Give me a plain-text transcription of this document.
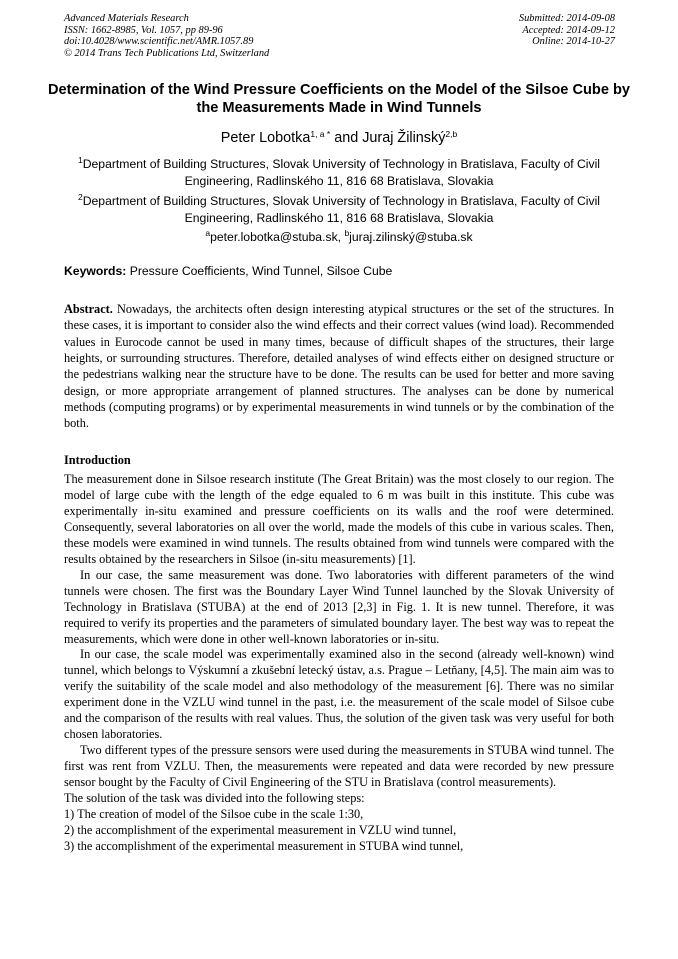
Advanced Materials Research
ISSN: 1662-8985, Vol. 1057, pp 89-96
doi:10.4028/www.scientific.net/AMR.1057.89
© 2014 Trans Tech Publications Ltd, Switzerland
Submitted: 2014-09-08
Accepted: 2014-09-12
Online: 2014-10-27
Determination of the Wind Pressure Coefficients on the Model of the Silsoe Cube by the Measurements Made in Wind Tunnels
Peter Lobotka$^{1, a *}$ and Juraj Žilinský$^{2,b}$
$^1$Department of Building Structures, Slovak University of Technology in Bratislava, Faculty of Civil Engineering, Radlinského 11, 816 68 Bratislava, Slovakia
$^2$Department of Building Structures, Slovak University of Technology in Bratislava, Faculty of Civil Engineering, Radlinského 11, 816 68 Bratislava, Slovakia
$^a$peter.lobotka@stuba.sk, $^b$juraj.zilinský@stuba.sk
Keywords: Pressure Coefficients, Wind Tunnel, Silsoe Cube
Abstract. Nowadays, the architects often design interesting atypical structures or the set of the structures. In these cases, it is important to consider also the wind effects and their correct values (wind load). Recommended values in Eurocode cannot be used in many times, because of difficult shapes of the structures, their large heights, or surrounding structures. Therefore, detailed analyses of wind effects either on designed structure or the pedestrians walking near the structure have to be done. The results can be used for better and more saving design, or more appropriate arrangement of planned structures. The analyses can be done by numerical methods (computing programs) or by experimental measurements in wind tunnels or by the combination of the both.
Introduction

The measurement done in Silsoe research institute (The Great Britain) was the most closely to our region. The model of large cube with the length of the edge equaled to 6 m was built in this institute. This cube was experimentally in-situ examined and pressure coefficients on its walls and the roof were determined. Consequently, several laboratories on all over the world, made the models of this cube in various scales. Then, these models were examined in wind tunnels. The results obtained from wind tunnels were compared with the results obtained by the researchers in Silsoe (in-situ measurements) [1].

In our case, the same measurement was done. Two laboratories with different parameters of the wind tunnels were chosen. The first was the Boundary Layer Wind Tunnel launched by the Slovak University of Technology in Bratislava (STUBA) at the end of 2013 [2,3] in Fig. 1. It is new tunnel. Therefore, it was required to verify its properties and the parameters of simulated boundary layer. The best way was to repeat the measurements, which were done in other well-known laboratories or in-situ.

In our case, the scale model was experimentally examined also in the second (already well-known) wind tunnel, which belongs to Výskumní a zkušební letecký ústav, a.s. Prague – Letňany, [4,5]. The main aim was to verify the suitability of the scale model and also methodology of the measurement [6]. There was no similar experiment done in the VZLU wind tunnel in the past, i.e. the measurement of the scale model of Silsoe cube and the comparison of the results with real values. Thus, the solution of the given task was very useful for both chosen laboratories.

Two different types of the pressure sensors were used during the measurements in STUBA wind tunnel. The first was rent from VZLU. Then, the measurements were repeated and data were recorded by new pressure sensor bought by the Faculty of Civil Engineering of the STU in Bratislava (control measurements).

The solution of the task was divided into the following steps:

1) The creation of model of the Silsoe cube in the scale 1:30,

2) the accomplishment of the experimental measurement in VZLU wind tunnel,

3) the accomplishment of the experimental measurement in STUBA wind tunnel,
